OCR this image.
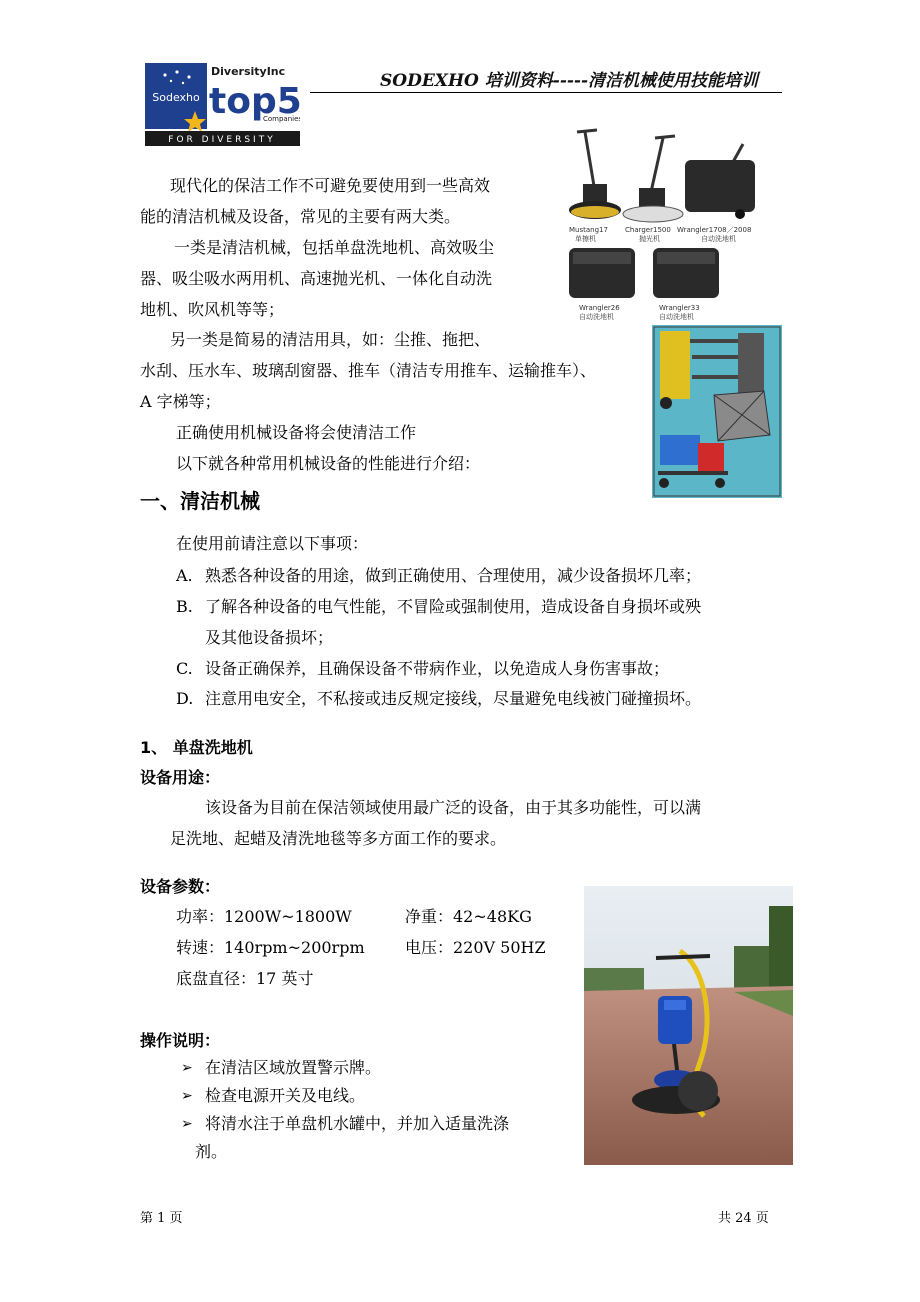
Sodexho
DiversityInc
top5
Companies
FOR DIVERSITY
SODEXHO 培训资料-----清洁机械使用技能培训
Mustang17
单擦机
Charger1500
抛光机
Wrangler1708／2008
自动洗地机
Wrangler26
自动洗地机
Wrangler33
自动洗地机
现代化的保洁工作不可避免要使用到一些高效
能的清洁机械及设备，常见的主要有两大类。
一类是清洁机械，包括单盘洗地机、高效吸尘
器、吸尘吸水两用机、高速抛光机、一体化自动洗
地机、吹风机等等；
另一类是简易的清洁用具，如：尘推、拖把、
水刮、压水车、玻璃刮窗器、推车（清洁专用推车、运输推车）、
A 字梯等；
正确使用机械设备将会使清洁工作
以下就各种常用机械设备的性能进行介绍：
一、清洁机械
在使用前请注意以下事项：
A. 熟悉各种设备的用途，做到正确使用、合理使用，减少设备损坏几率；
B. 了解各种设备的电气性能，不冒险或强制使用，造成设备自身损坏或殃
及其他设备损坏；
C. 设备正确保养，且确保设备不带病作业，以免造成人身伤害事故；
D. 注意用电安全，不私接或违反规定接线，尽量避免电线被门碰撞损坏。
1、 单盘洗地机
设备用途：
该设备为目前在保洁领域使用最广泛的设备，由于其多功能性，可以满
足洗地、起蜡及清洗地毯等多方面工作的要求。
设备参数：
功率：1200W~1800W	净重：42~48KG
转速：140rpm~200rpm	电压：220V 50HZ
底盘直径：17 英寸
操作说明：
➢ 在清洁区域放置警示牌。
➢ 检查电源开关及电线。
➢ 将清水注于单盘机水罐中，并加入适量洗涤
剂。
第 1 页	共 24 页
